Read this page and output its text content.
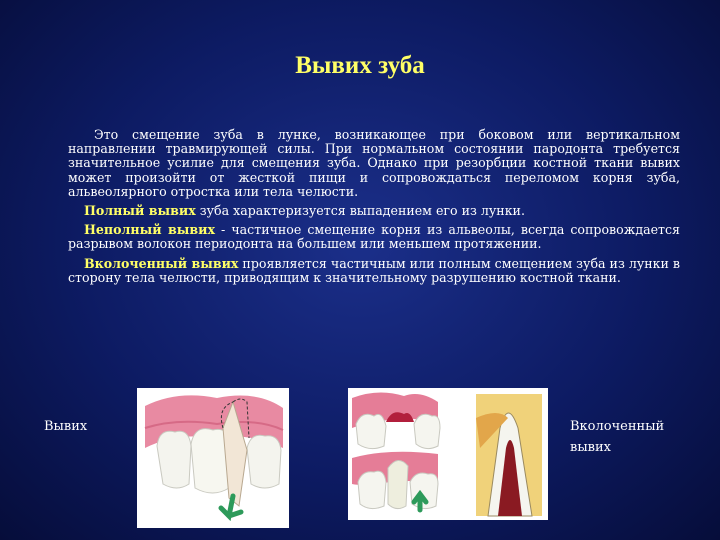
Вывих зуба

Это смещение зуба в лунке, возникающее при боковом или вертикальном направлении травмирующей силы. При нормальном состоянии пародонта требуется значительное усилие для смещения зуба. Однако при резорбции костной ткани вывих может произойти от жесткой пищи и сопровождаться переломом корня зуба, альвеолярного отростка или тела челюсти.

Полный вывих зуба характеризуется выпадением его из лунки.

Неполный вывих - частичное смещение корня из альвеолы, всегда сопровождается разрывом волокон периодонта на большем или меньшем протяжении.

Вколоченный вывих проявляется частичным или полным смещением зуба из лунки в сторону тела челюсти, приводящим к значительному разрушению костной ткани.

Вывих	Вколоченный вывих
